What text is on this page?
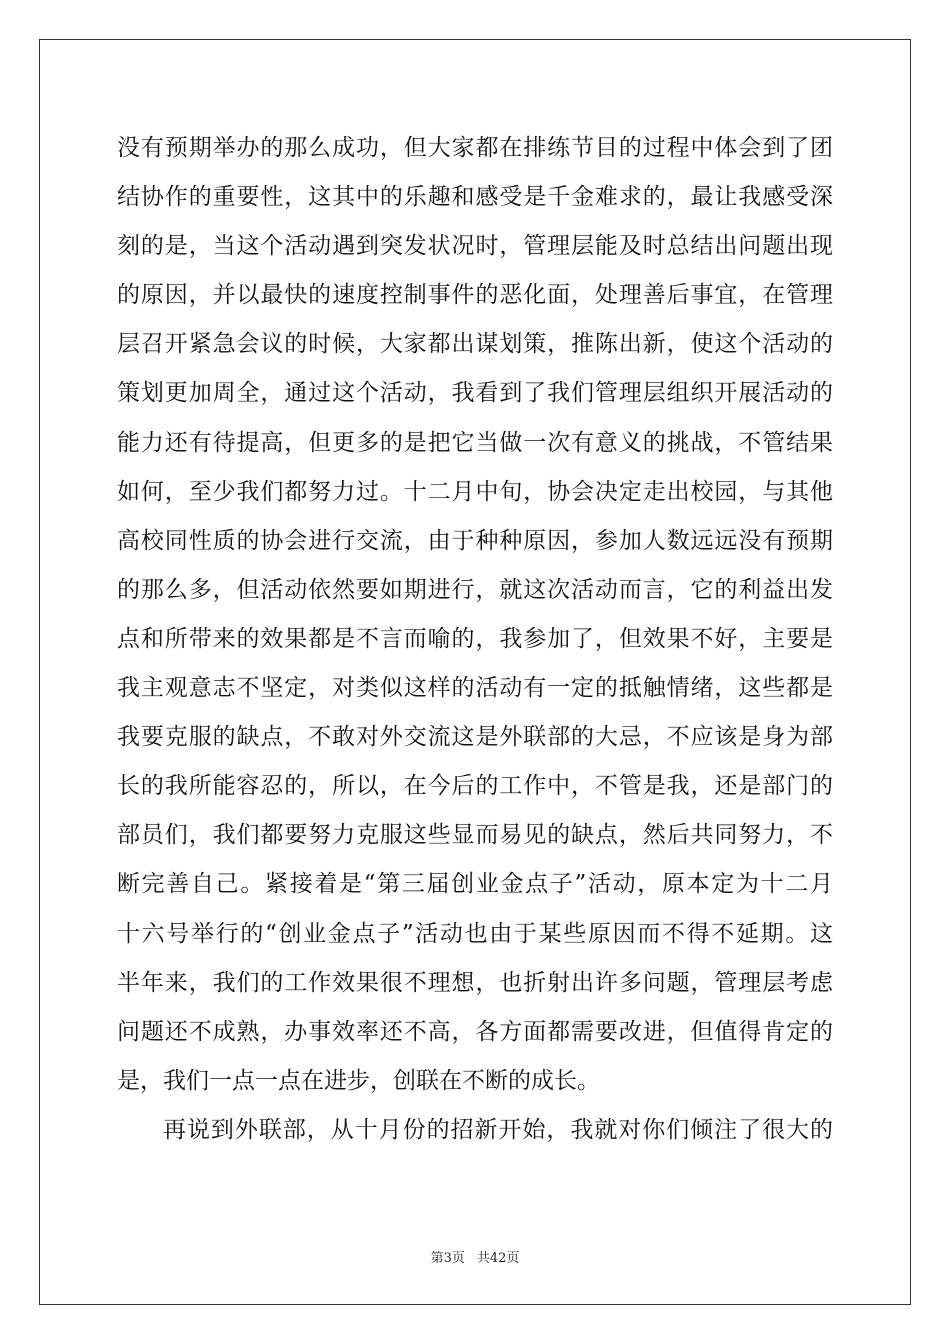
没有预期举办的那么成功，但大家都在排练节目的过程中体会到了团
结协作的重要性，这其中的乐趣和感受是千金难求的，最让我感受深
刻的是，当这个活动遇到突发状况时，管理层能及时总结出问题出现
的原因，并以最快的速度控制事件的恶化面，处理善后事宜，在管理
层召开紧急会议的时候，大家都出谋划策，推陈出新，使这个活动的
策划更加周全，通过这个活动，我看到了我们管理层组织开展活动的
能力还有待提高，但更多的是把它当做一次有意义的挑战，不管结果
如何，至少我们都努力过。十二月中旬，协会决定走出校园，与其他
高校同性质的协会进行交流，由于种种原因，参加人数远远没有预期
的那么多，但活动依然要如期进行，就这次活动而言，它的利益出发
点和所带来的效果都是不言而喻的，我参加了，但效果不好，主要是
我主观意志不坚定，对类似这样的活动有一定的抵触情绪，这些都是
我要克服的缺点，不敢对外交流这是外联部的大忌，不应该是身为部
长的我所能容忍的，所以，在今后的工作中，不管是我，还是部门的
部员们，我们都要努力克服这些显而易见的缺点，然后共同努力，不
断完善自己。紧接着是“第三届创业金点子”活动，原本定为十二月
十六号举行的“创业金点子”活动也由于某些原因而不得不延期。这
半年来，我们的工作效果很不理想，也折射出许多问题，管理层考虑
问题还不成熟，办事效率还不高，各方面都需要改进，但值得肯定的
是，我们一点一点在进步，创联在不断的成长。
再说到外联部，从十月份的招新开始，我就对你们倾注了很大的
第3页 共42页
